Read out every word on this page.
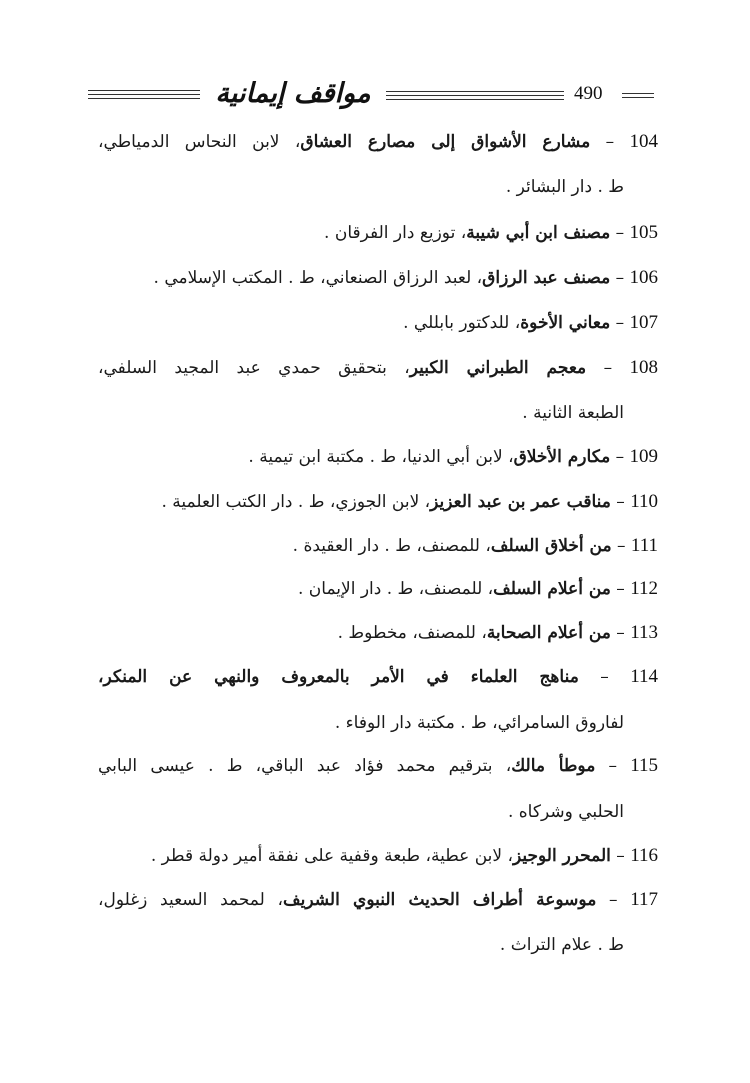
مواقف إيمانية	490
104 – مشارع الأشواق إلى مصارع العشاق، لابن النحاس الدمياطي،
ط . دار البشائر .
105 – مصنف ابن أبي شيبة، توزيع دار الفرقان .
106 – مصنف عبد الرزاق، لعبد الرزاق الصنعاني، ط . المكتب الإسلامي .
107 – معاني الأخوة، للدكتور بابللي .
108 – معجم الطبراني الكبير، بتحقيق حمدي عبد المجيد السلفي،
الطبعة الثانية .
109 – مكارم الأخلاق، لابن أبي الدنيا، ط . مكتبة ابن تيمية .
110 – مناقب عمر بن عبد العزيز، لابن الجوزي، ط . دار الكتب العلمية .
111 – من أخلاق السلف، للمصنف، ط . دار العقيدة .
112 – من أعلام السلف، للمصنف، ط . دار الإيمان .
113 – من أعلام الصحابة، للمصنف، مخطوط .
114 – مناهج العلماء في الأمر بالمعروف والنهي عن المنكر،
لفاروق السامرائي، ط . مكتبة دار الوفاء .
115 – موطأ مالك، بترقيم محمد فؤاد عبد الباقي، ط . عيسى البابي
الحلبي وشركاه .
116 – المحرر الوجيز، لابن عطية، طبعة وقفية على نفقة أمير دولة قطر .
117 – موسوعة أطراف الحديث النبوي الشريف، لمحمد السعيد زغلول،
ط . علام التراث .
